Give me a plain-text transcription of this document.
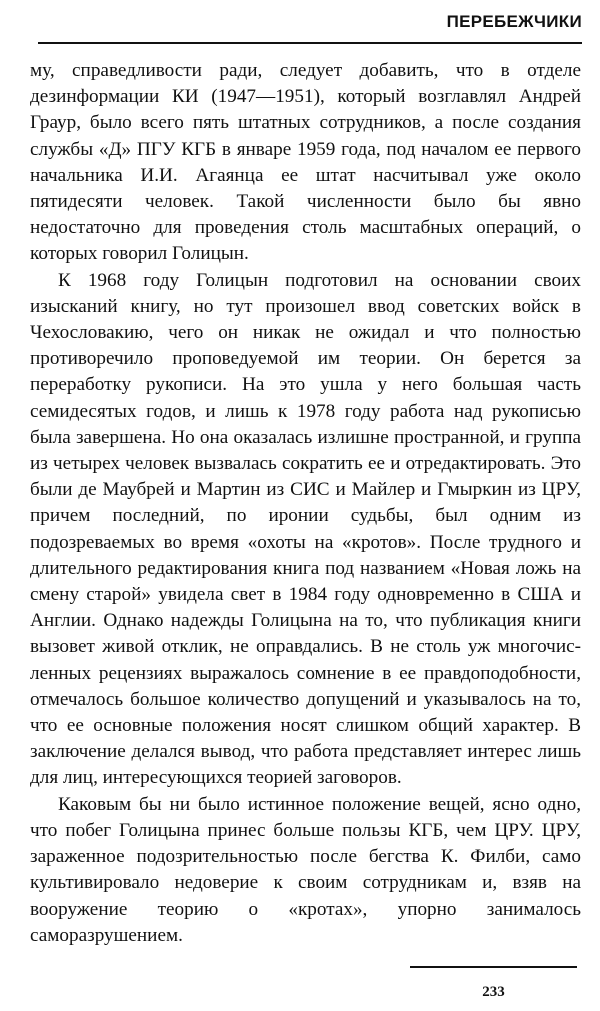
ПЕРЕБЕЖЧИКИ

му, справедливости ради, следует добавить, что в отделе дезинформации КИ (1947—1951), который возглавлял Андрей Граур, было всего пять штатных сотрудников, а после создания службы «Д» ПГУ КГБ в январе 1959 года, под началом ее первого начальника И.И. Агаянца ее штат насчитывал уже около пятидесяти человек. Такой численности было бы явно недостаточно для проведения столь масштабных операций, о которых говорил Голицын.

К 1968 году Голицын подготовил на основании своих изысканий книгу, но тут произошел ввод советских войск в Чехословакию, чего он никак не ожидал и что полностью противоречило проповедуемой им теории. Он берется за переработку рукописи. На это ушла у него большая часть семидесятых годов, и лишь к 1978 году работа над рукописью была завершена. Но она оказалась излишне пространной, и группа из четырех человек вызвалась сократить ее и отредактировать. Это были де Маубрей и Мартин из СИС и Майлер и Гмыркин из ЦРУ, причем последний, по иронии судьбы, был одним из подозреваемых во время «охоты на «кротов». После трудного и длительного редактирования книга под названием «Новая ложь на смену старой» увидела свет в 1984 году одновременно в США и Англии. Однако надежды Голицына на то, что публикация книги вызовет живой отклик, не оправдались. В не столь уж многочисленных рецензиях выражалось сомнение в ее правдоподобности, отмечалось большое количество допущений и указывалось на то, что ее основные положения носят слишком общий характер. В заключение делался вывод, что работа представляет интерес лишь для лиц, интересующихся теорией заговоров.

Каковым бы ни было истинное положение вещей, ясно одно, что побег Голицына принес больше пользы КГБ, чем ЦРУ. ЦРУ, зараженное подозрительностью после бегства К. Филби, само культивировало недоверие к своим сотрудникам и, взяв на вооружение теорию о «кротах», упорно занималось саморазрушением.

233
